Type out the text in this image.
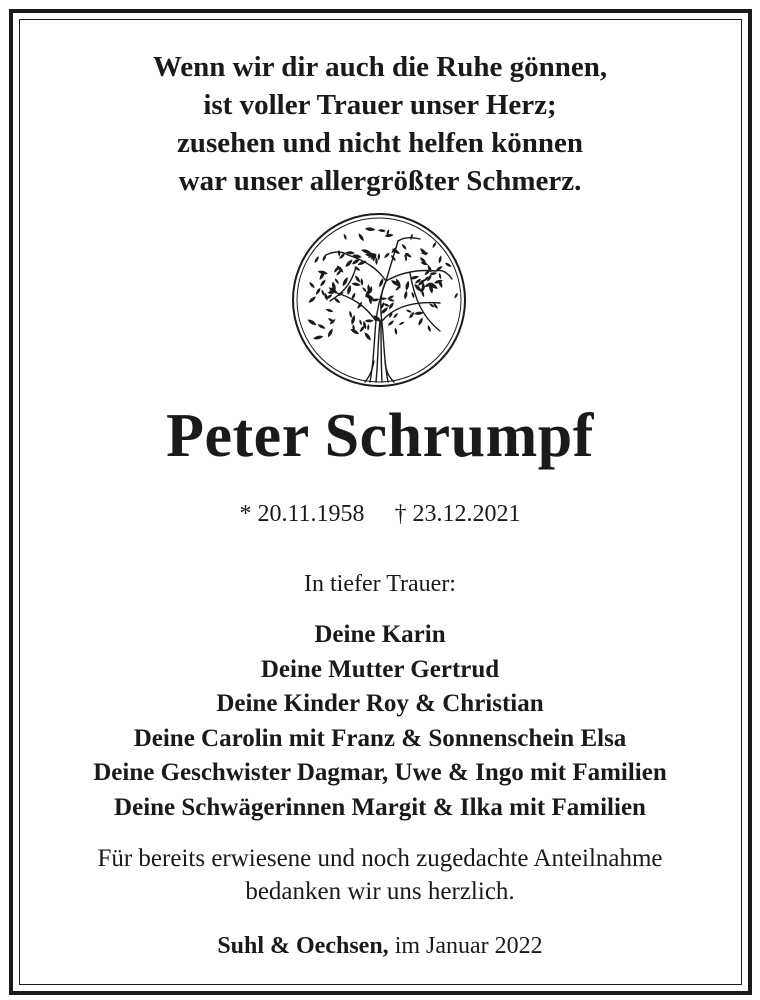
Wenn wir dir auch die Ruhe gönnen,
ist voller Trauer unser Herz;
zusehen und nicht helfen können
war unser allergrößter Schmerz.
Peter Schrumpf
* 20.11.1958 † 23.12.2021
In tiefer Trauer:
Deine Karin
Deine Mutter Gertrud
Deine Kinder Roy & Christian
Deine Carolin mit Franz & Sonnenschein Elsa
Deine Geschwister Dagmar, Uwe & Ingo mit Familien
Deine Schwägerinnen Margit & Ilka mit Familien
Für bereits erwiesene und noch zugedachte Anteilnahme
bedanken wir uns herzlich.
Suhl & Oechsen, im Januar 2022
